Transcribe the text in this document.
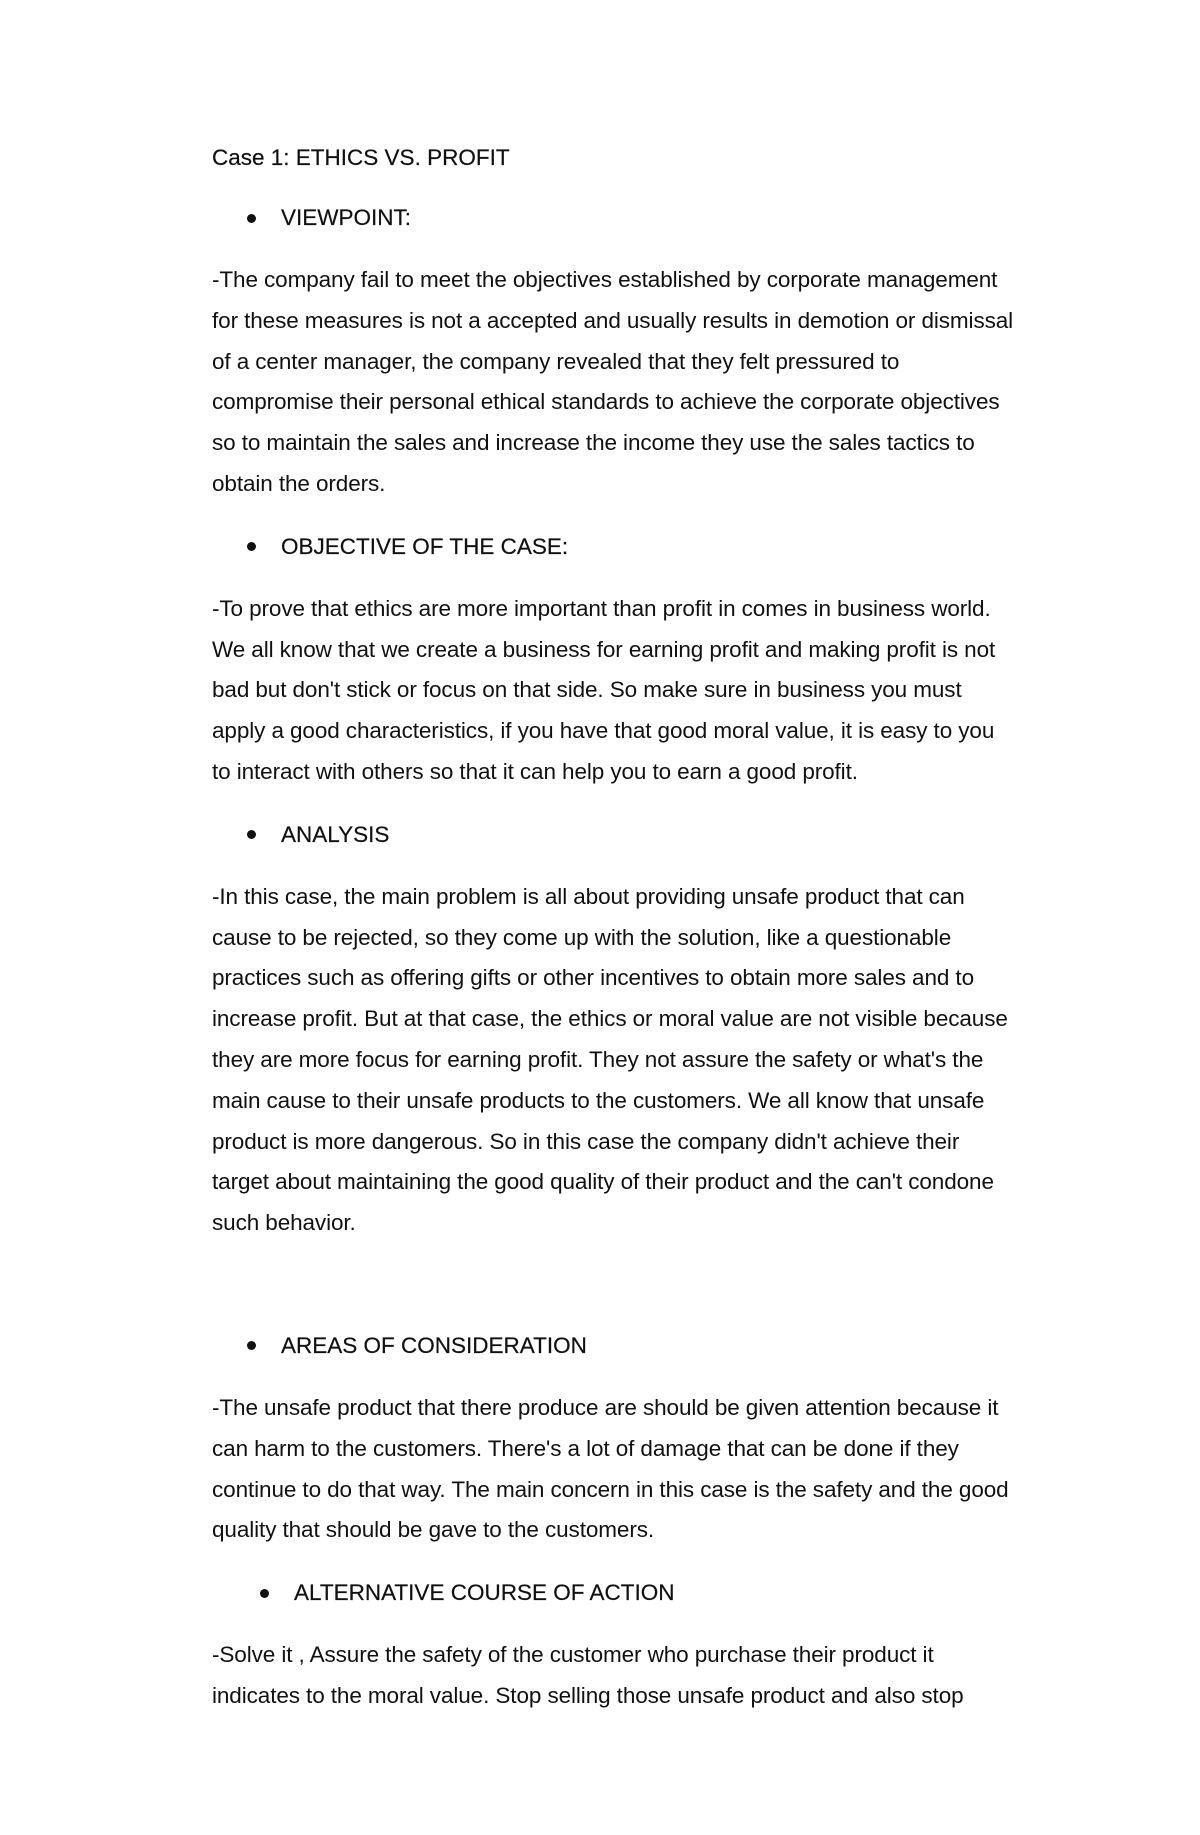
Case 1: ETHICS VS. PROFIT
VIEWPOINT:
-The company fail to meet the objectives established by corporate management
for these measures is not a accepted and usually results in demotion or dismissal
of a center manager, the company revealed that they felt pressured to
compromise their personal ethical standards to achieve the corporate objectives
so to maintain the sales and increase the income they use the sales tactics to
obtain the orders.
OBJECTIVE OF THE CASE:
-To prove that ethics are more important than profit in comes in business world.
We all know that we create a business for earning profit and making profit is not
bad but don't stick or focus on that side. So make sure in business you must
apply a good characteristics, if you have that good moral value, it is easy to you
to interact with others so that it can help you to earn a good profit.
ANALYSIS
-In this case, the main problem is all about providing unsafe product that can
cause to be rejected, so they come up with the solution, like a questionable
practices such as offering gifts or other incentives to obtain more sales and to
increase profit. But at that case, the ethics or moral value are not visible because
they are more focus for earning profit. They not assure the safety or what's the
main cause to their unsafe products to the customers. We all know that unsafe
product is more dangerous. So in this case the company didn't achieve their
target about maintaining the good quality of their product and the can't condone
such behavior.
AREAS OF CONSIDERATION
-The unsafe product that there produce are should be given attention because it
can harm to the customers. There's a lot of damage that can be done if they
continue to do that way. The main concern in this case is the safety and the good
quality that should be gave to the customers.
ALTERNATIVE COURSE OF ACTION
-Solve it , Assure the safety of the customer who purchase their product it
indicates to the moral value. Stop selling those unsafe product and also stop
